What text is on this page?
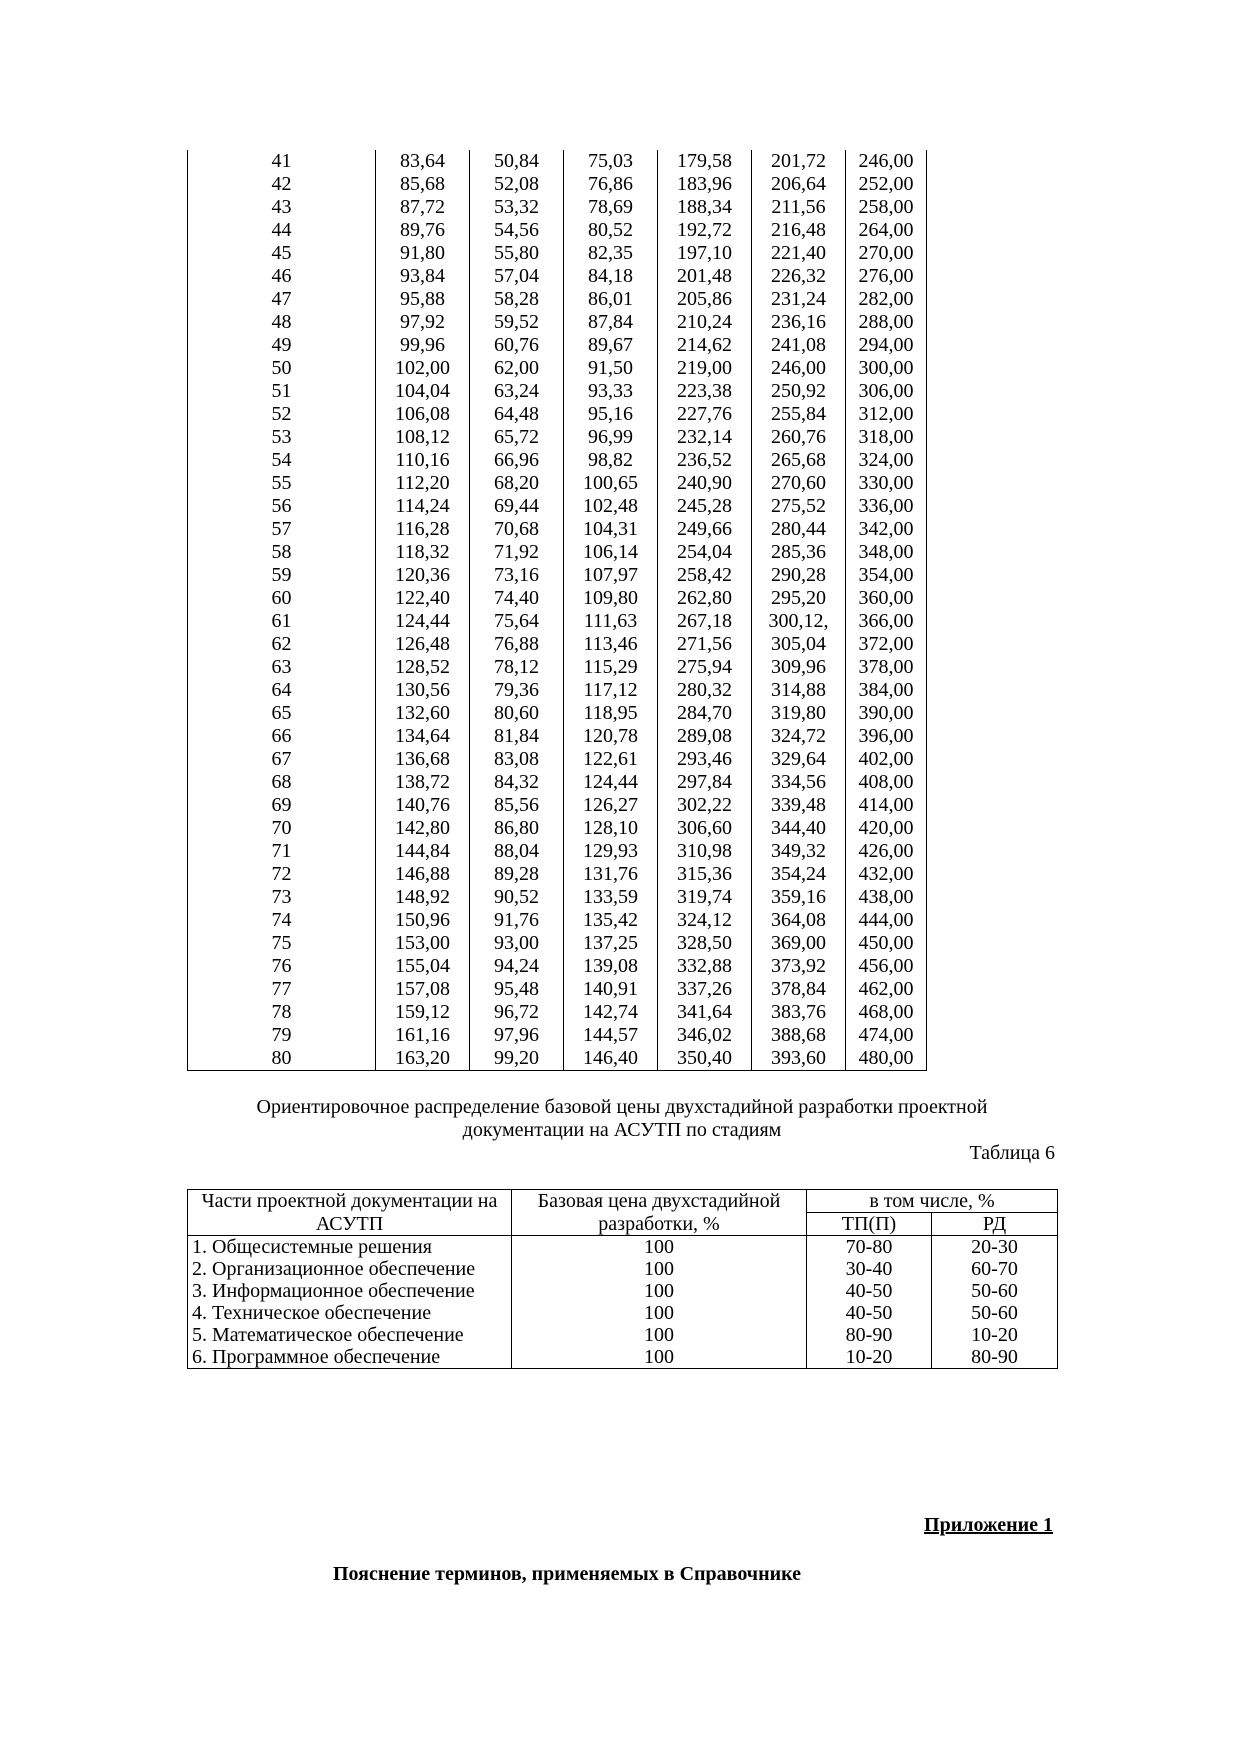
41	83,64	50,84	75,03	179,58	201,72	246,00
42	85,68	52,08	76,86	183,96	206,64	252,00
43	87,72	53,32	78,69	188,34	211,56	258,00
44	89,76	54,56	80,52	192,72	216,48	264,00
45	91,80	55,80	82,35	197,10	221,40	270,00
46	93,84	57,04	84,18	201,48	226,32	276,00
47	95,88	58,28	86,01	205,86	231,24	282,00
48	97,92	59,52	87,84	210,24	236,16	288,00
49	99,96	60,76	89,67	214,62	241,08	294,00
50	102,00	62,00	91,50	219,00	246,00	300,00
51	104,04	63,24	93,33	223,38	250,92	306,00
52	106,08	64,48	95,16	227,76	255,84	312,00
53	108,12	65,72	96,99	232,14	260,76	318,00
54	110,16	66,96	98,82	236,52	265,68	324,00
55	112,20	68,20	100,65	240,90	270,60	330,00
56	114,24	69,44	102,48	245,28	275,52	336,00
57	116,28	70,68	104,31	249,66	280,44	342,00
58	118,32	71,92	106,14	254,04	285,36	348,00
59	120,36	73,16	107,97	258,42	290,28	354,00
60	122,40	74,40	109,80	262,80	295,20	360,00
61	124,44	75,64	111,63	267,18	300,12,	366,00
62	126,48	76,88	113,46	271,56	305,04	372,00
63	128,52	78,12	115,29	275,94	309,96	378,00
64	130,56	79,36	117,12	280,32	314,88	384,00
65	132,60	80,60	118,95	284,70	319,80	390,00
66	134,64	81,84	120,78	289,08	324,72	396,00
67	136,68	83,08	122,61	293,46	329,64	402,00
68	138,72	84,32	124,44	297,84	334,56	408,00
69	140,76	85,56	126,27	302,22	339,48	414,00
70	142,80	86,80	128,10	306,60	344,40	420,00
71	144,84	88,04	129,93	310,98	349,32	426,00
72	146,88	89,28	131,76	315,36	354,24	432,00
73	148,92	90,52	133,59	319,74	359,16	438,00
74	150,96	91,76	135,42	324,12	364,08	444,00
75	153,00	93,00	137,25	328,50	369,00	450,00
76	155,04	94,24	139,08	332,88	373,92	456,00
77	157,08	95,48	140,91	337,26	378,84	462,00
78	159,12	96,72	142,74	341,64	383,76	468,00
79	161,16	97,96	144,57	346,02	388,68	474,00
80	163,20	99,20	146,40	350,40	393,60	480,00
Ориентировочное распределение базовой цены двухстадийной разработки проектной
документации на АСУТП по стадиям
Таблица 6
Части проектной документации на	Базовая цена двухстадийной	в том числе, %	
АСУТП	разработки, %	ТП(П)	РД
1. Общесистемные решения	100	70-80	20-30
2. Организационное обеспечение	100	30-40	60-70
3. Информационное обеспечение	100	40-50	50-60
4. Техническое обеспечение	100	40-50	50-60
5. Математическое обеспечение	100	80-90	10-20
6. Программное обеспечение	100	10-20	80-90
Приложение 1
Пояснение терминов, применяемых в Справочнике
